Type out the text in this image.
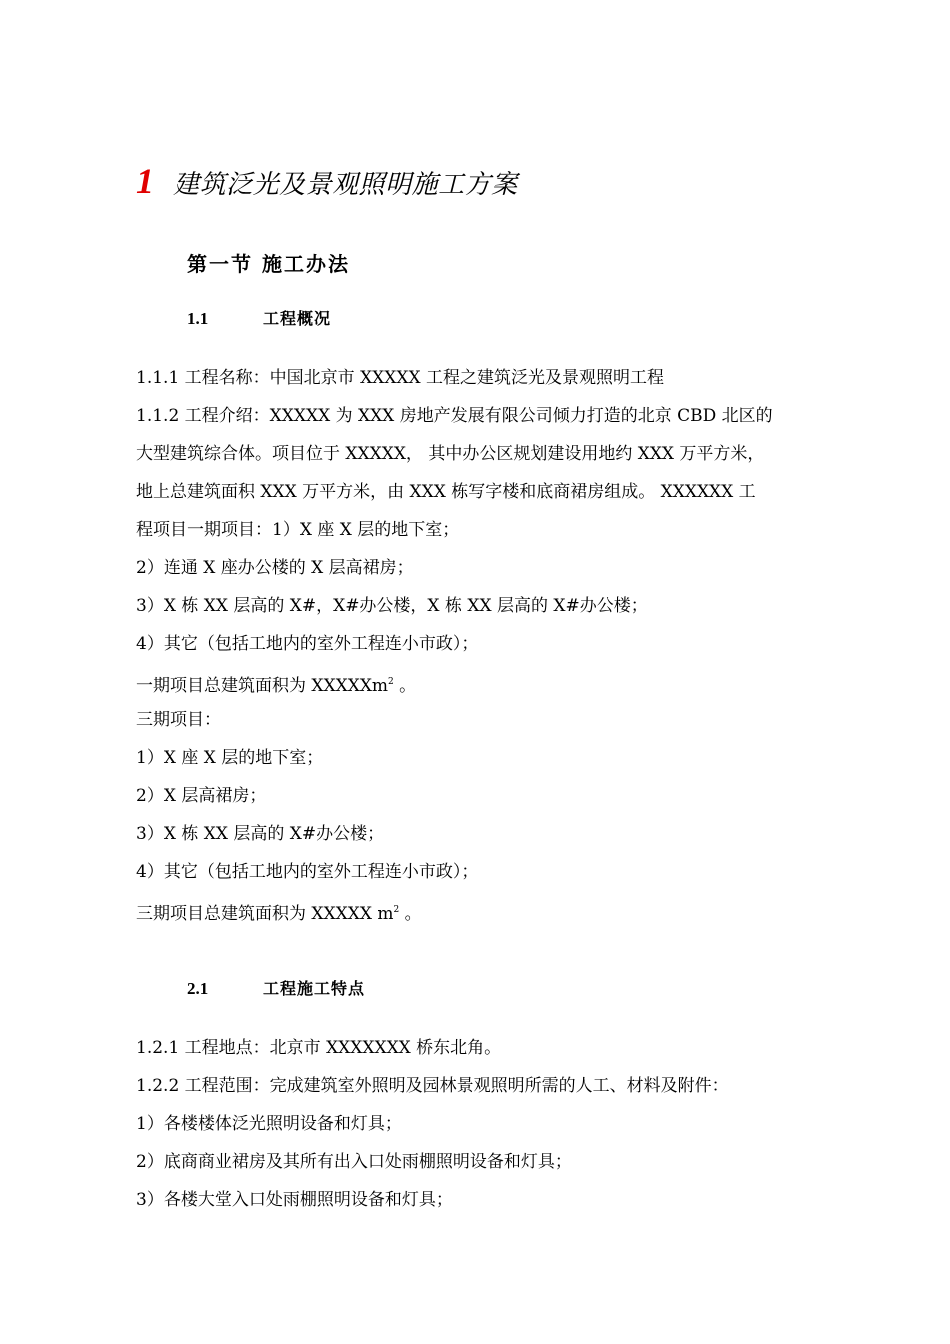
1 建筑泛光及景观照明施工方案
第一节 施工办法
1.1	工程概况
1.1.1 工程名称：中国北京市 XXXXX 工程之建筑泛光及景观照明工程
1.1.2 工程介绍：XXXXX 为 XXX 房地产发展有限公司倾力打造的北京 CBD 北区的
大型建筑综合体。项目位于 XXXXX， 其中办公区规划建设用地约 XXX 万平方米，
地上总建筑面积 XXX 万平方米，由 XXX 栋写字楼和底商裙房组成。 XXXXXX 工
程项目一期项目：1）X 座 X 层的地下室；
2）连通 X 座办公楼的 X 层高裙房；
3）X 栋 XX 层高的 X#，X#办公楼，X 栋 XX 层高的 X#办公楼；
4）其它（包括工地内的室外工程连小市政）；
一期项目总建筑面积为 XXXXXm$^2$ 。
三期项目：
1）X 座 X 层的地下室；
2）X 层高裙房；
3）X 栋 XX 层高的 X#办公楼；
4）其它（包括工地内的室外工程连小市政）；
三期项目总建筑面积为 XXXXX $m^2$ 。
2.1	工程施工特点
1.2.1 工程地点：北京市 XXXXXXX 桥东北角。
1.2.2 工程范围：完成建筑室外照明及园林景观照明所需的人工、材料及附件：
1）各楼楼体泛光照明设备和灯具；
2）底商商业裙房及其所有出入口处雨棚照明设备和灯具；
3）各楼大堂入口处雨棚照明设备和灯具；
